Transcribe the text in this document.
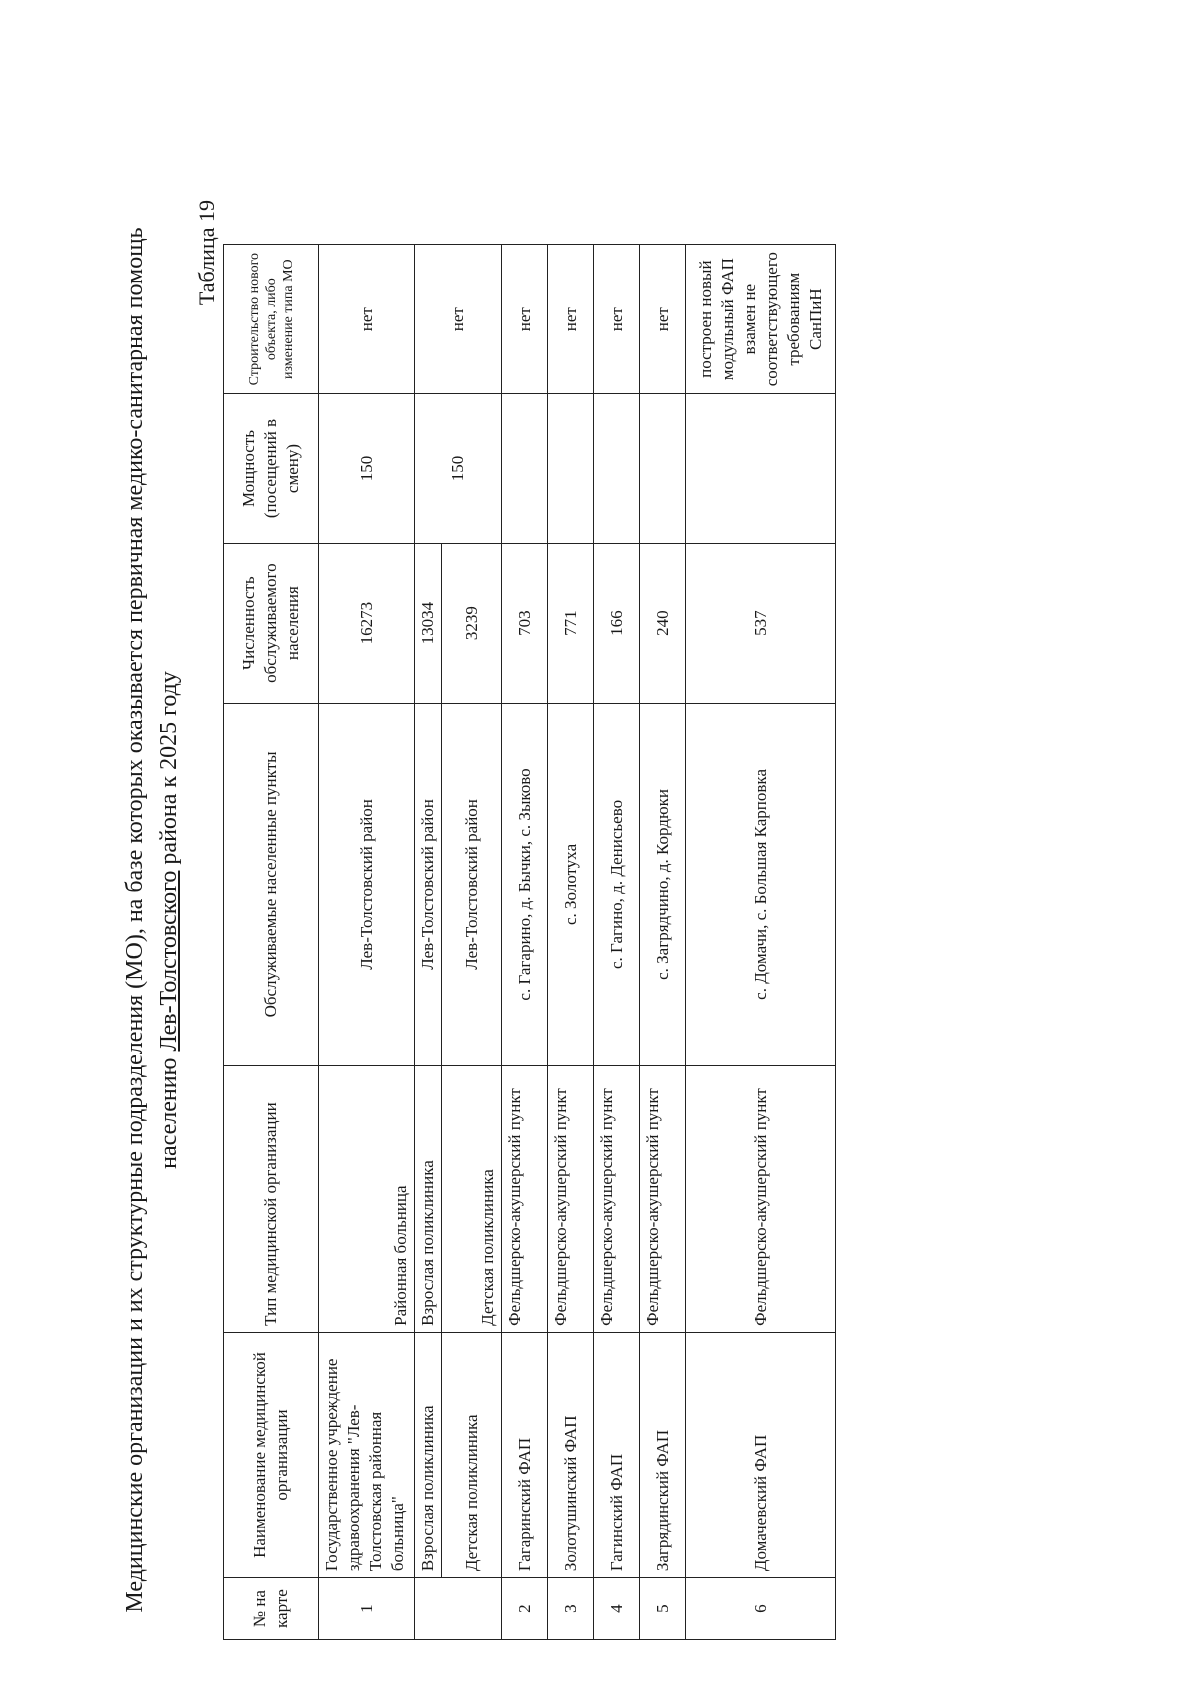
Медицинские организации и их структурные подразделения (МО), на базе которых оказывается первичная медико-санитарная помощь населению Лев-Толстовского района к 2025 году
Таблица 19
№ на карте	Наименование медицинской организации	Тип медицинской организации	Обслуживаемые населенные пункты	Численность обслуживаемого населения	Мощность (посещений в смену)	Строительство нового объекта, либо изменение типа МО
1	Государственное учреждение здравоохранения "Лев-Толстовская районная больница"	Районная больница	Лев-Толстовский район	16273	150	нет
	Взрослая поликлиника	Взрослая поликлиника	Лев-Толстовский район	13034	150	нет
	Детская поликлиника	Детская поликлиника	Лев-Толстовский район	3239		
2	Гагаринский ФАП	Фельдшерско-акушерский пункт	с. Гагарино, д. Бычки, с. Зыково	703		нет
3	Золотушинский ФАП	Фельдшерско-акушерский пункт	с. Золотуха	771		нет
4	Гагинский ФАП	Фельдшерско-акушерский пункт	с. Гагино, д. Денисьево	166		нет
5	Загрядинский ФАП	Фельдшерско-акушерский пункт	с. Загрядчино, д. Кордюки	240		нет
6	Домачевский ФАП	Фельдшерско-акушерский пункт	с. Домачи, с. Большая Карповка	537		построен новый модульный ФАП взамен не соответствующего требованиям СанПиН
